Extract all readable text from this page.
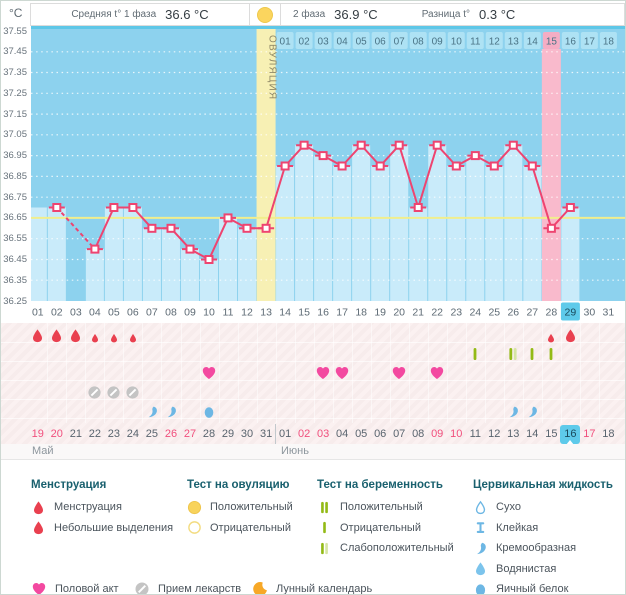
°C	Средняя t° 1 фаза 36.6 °С	2 фаза 36.9 °С	Разница t° 0.3 °С
37.55
37.45
37.35
37.25
37.15
37.05
36.95
36.85
36.75
36.65
36.55
36.45
36.35
36.25
01 02 03 04 05 06 07 08 09 10 11 12 13 14 15 16 17 18
ОВУЛЯЦИЯ
01 02 03 04 05 06 07 08 09 10 11 12 13 14 15 16 17 18 19 20 21 22 23 24 25 26 27 28 29 30 31
19 20 21 22 23 24 25 26 27 28 29 30 31 01 02 03 04 05 06 07 08 09 10 11 12 13 14 15 16 17 18
Май	Июнь
Менструация
Менструация
Небольшие выделения
Тест на овуляцию
Положительный
Отрицательный
Тест на беременность
Положительный
Отрицательный
Слабоположительный
Цервикальная жидкость
Сухо
Клейкая
Кремообразная
Водянистая
Яичный белок
Половой акт	Прием лекарств	Лунный календарь
